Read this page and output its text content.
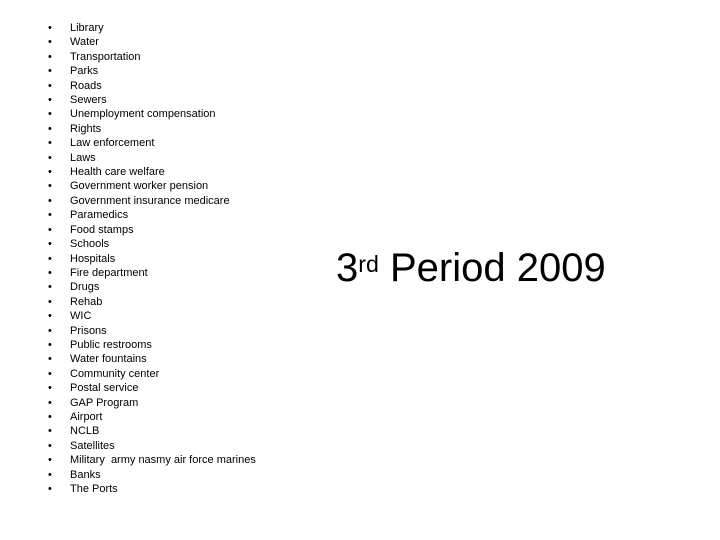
•	Library
•	Water
•	Transportation
•	Parks
•	Roads
•	Sewers
•	Unemployment compensation
•	Rights
•	Law enforcement
•	Laws
•	Health care welfare
•	Government worker pension
•	Government insurance medicare
•	Paramedics
•	Food stamps
•	Schools
•	Hospitals
•	Fire department
•	Drugs
•	Rehab
•	WIC
•	Prisons
•	Public restrooms
•	Water fountains
•	Community center
•	Postal service
•	GAP Program
•	Airport
•	NCLB
•	Satellites
•	Military  army nasmy air force marines
•	Banks
•	The Ports
3rd Period 2009
